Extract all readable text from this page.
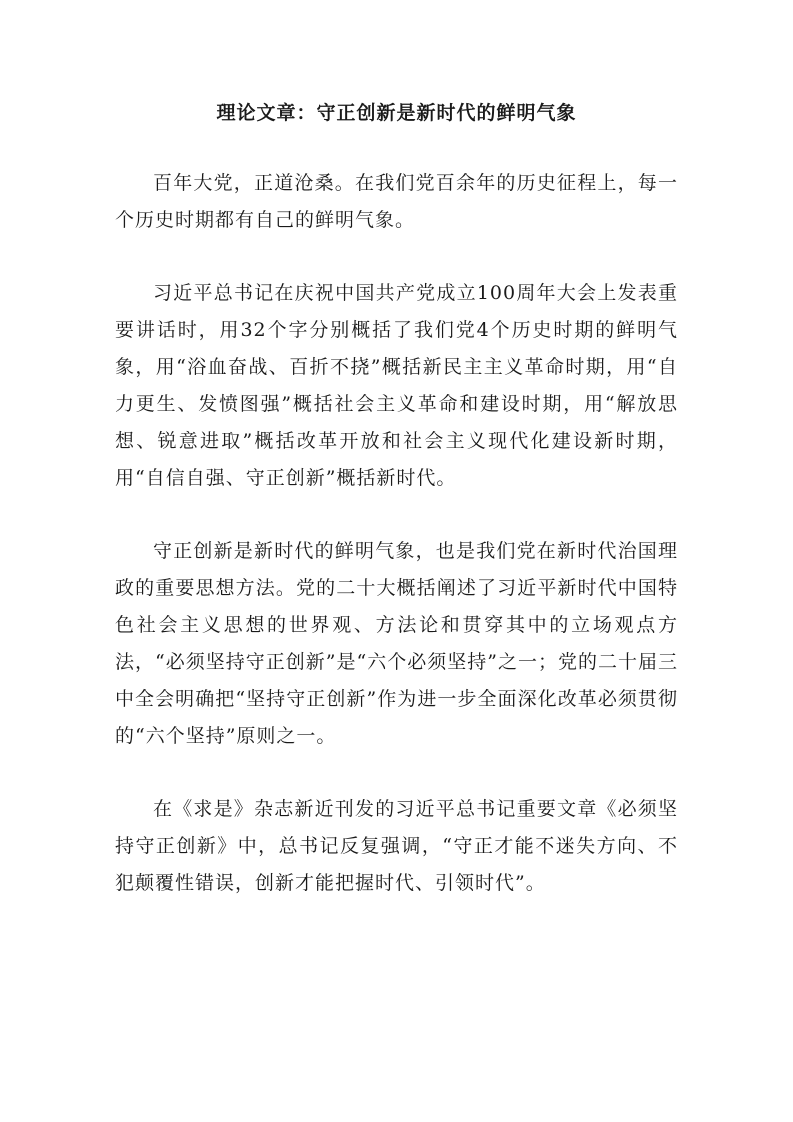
理论文章：守正创新是新时代的鲜明气象

百年大党，正道沧桑。在我们党百余年的历史征程上，每一个历史时期都有自己的鲜明气象。

习近平总书记在庆祝中国共产党成立100周年大会上发表重要讲话时，用32个字分别概括了我们党4个历史时期的鲜明气象，用“浴血奋战、百折不挠”概括新民主主义革命时期，用“自力更生、发愤图强”概括社会主义革命和建设时期，用“解放思想、锐意进取”概括改革开放和社会主义现代化建设新时期，用“自信自强、守正创新”概括新时代。

守正创新是新时代的鲜明气象，也是我们党在新时代治国理政的重要思想方法。党的二十大概括阐述了习近平新时代中国特色社会主义思想的世界观、方法论和贯穿其中的立场观点方法，“必须坚持守正创新”是“六个必须坚持”之一；党的二十届三中全会明确把“坚持守正创新”作为进一步全面深化改革必须贯彻的“六个坚持”原则之一。

在《求是》杂志新近刊发的习近平总书记重要文章《必须坚持守正创新》中，总书记反复强调，“守正才能不迷失方向、不犯颠覆性错误，创新才能把握时代、引领时代”。
